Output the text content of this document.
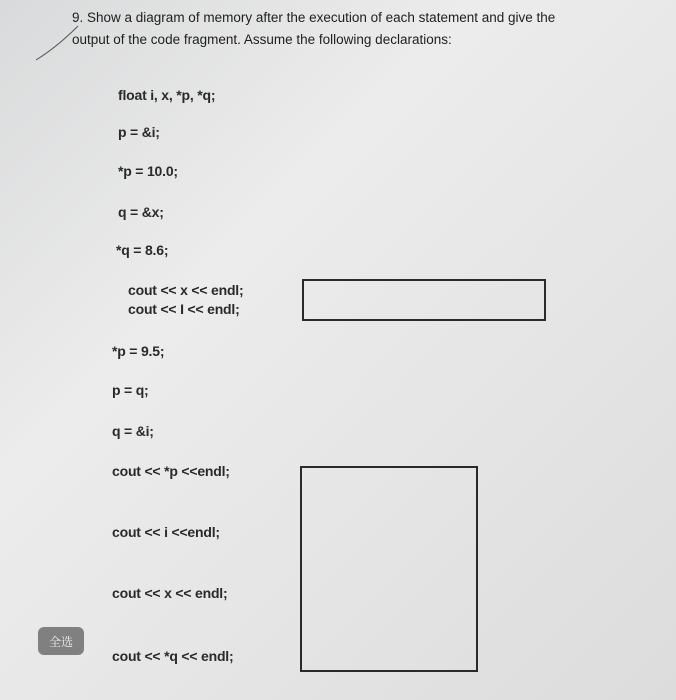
9. Show a diagram of memory after the execution of each statement and give the
output of the code fragment. Assume the following declarations:
float i, x, *p, *q;
p = &i;
*p = 10.0;
q = &x;
*q = 8.6;
cout << x << endl;
cout << I << endl;
*p = 9.5;
p = q;
q = &i;
cout << *p <<endl;
cout << i <<endl;
cout << x << endl;
cout << *q << endl;
全选
